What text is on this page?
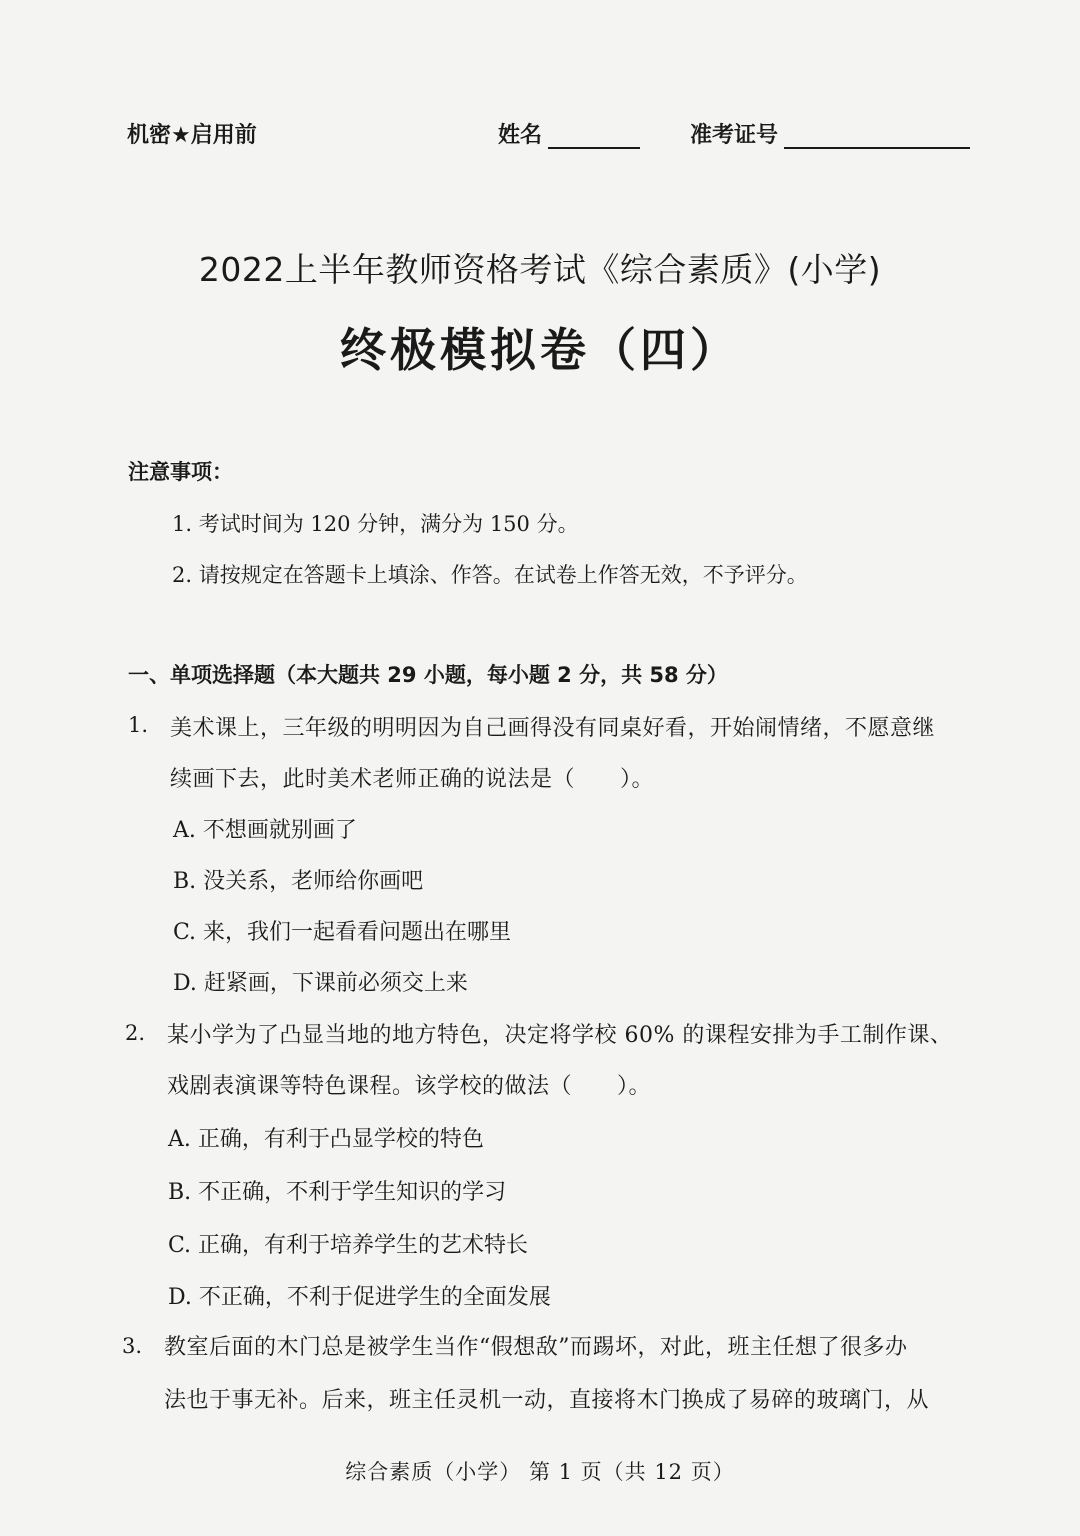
机密★启用前	姓名	准考证号
2022上半年教师资格考试《综合素质》(小学)
终极模拟卷（四）
注意事项：
1. 考试时间为 120 分钟，满分为 150 分。
2. 请按规定在答题卡上填涂、作答。在试卷上作答无效，不予评分。
一、单项选择题（本大题共 29 小题，每小题 2 分，共 58 分）
1. 美术课上，三年级的明明因为自己画得没有同桌好看，开始闹情绪，不愿意继
续画下去，此时美术老师正确的说法是（　　）。
A. 不想画就别画了
B. 没关系，老师给你画吧
C. 来，我们一起看看问题出在哪里
D. 赶紧画，下课前必须交上来
2. 某小学为了凸显当地的地方特色，决定将学校 60% 的课程安排为手工制作课、
戏剧表演课等特色课程。该学校的做法（　　）。
A. 正确，有利于凸显学校的特色
B. 不正确，不利于学生知识的学习
C. 正确，有利于培养学生的艺术特长
D. 不正确，不利于促进学生的全面发展
3. 教室后面的木门总是被学生当作“假想敌”而踢坏，对此，班主任想了很多办
法也于事无补。后来，班主任灵机一动，直接将木门换成了易碎的玻璃门，从
综合素质（小学） 第 1 页（共 12 页）
